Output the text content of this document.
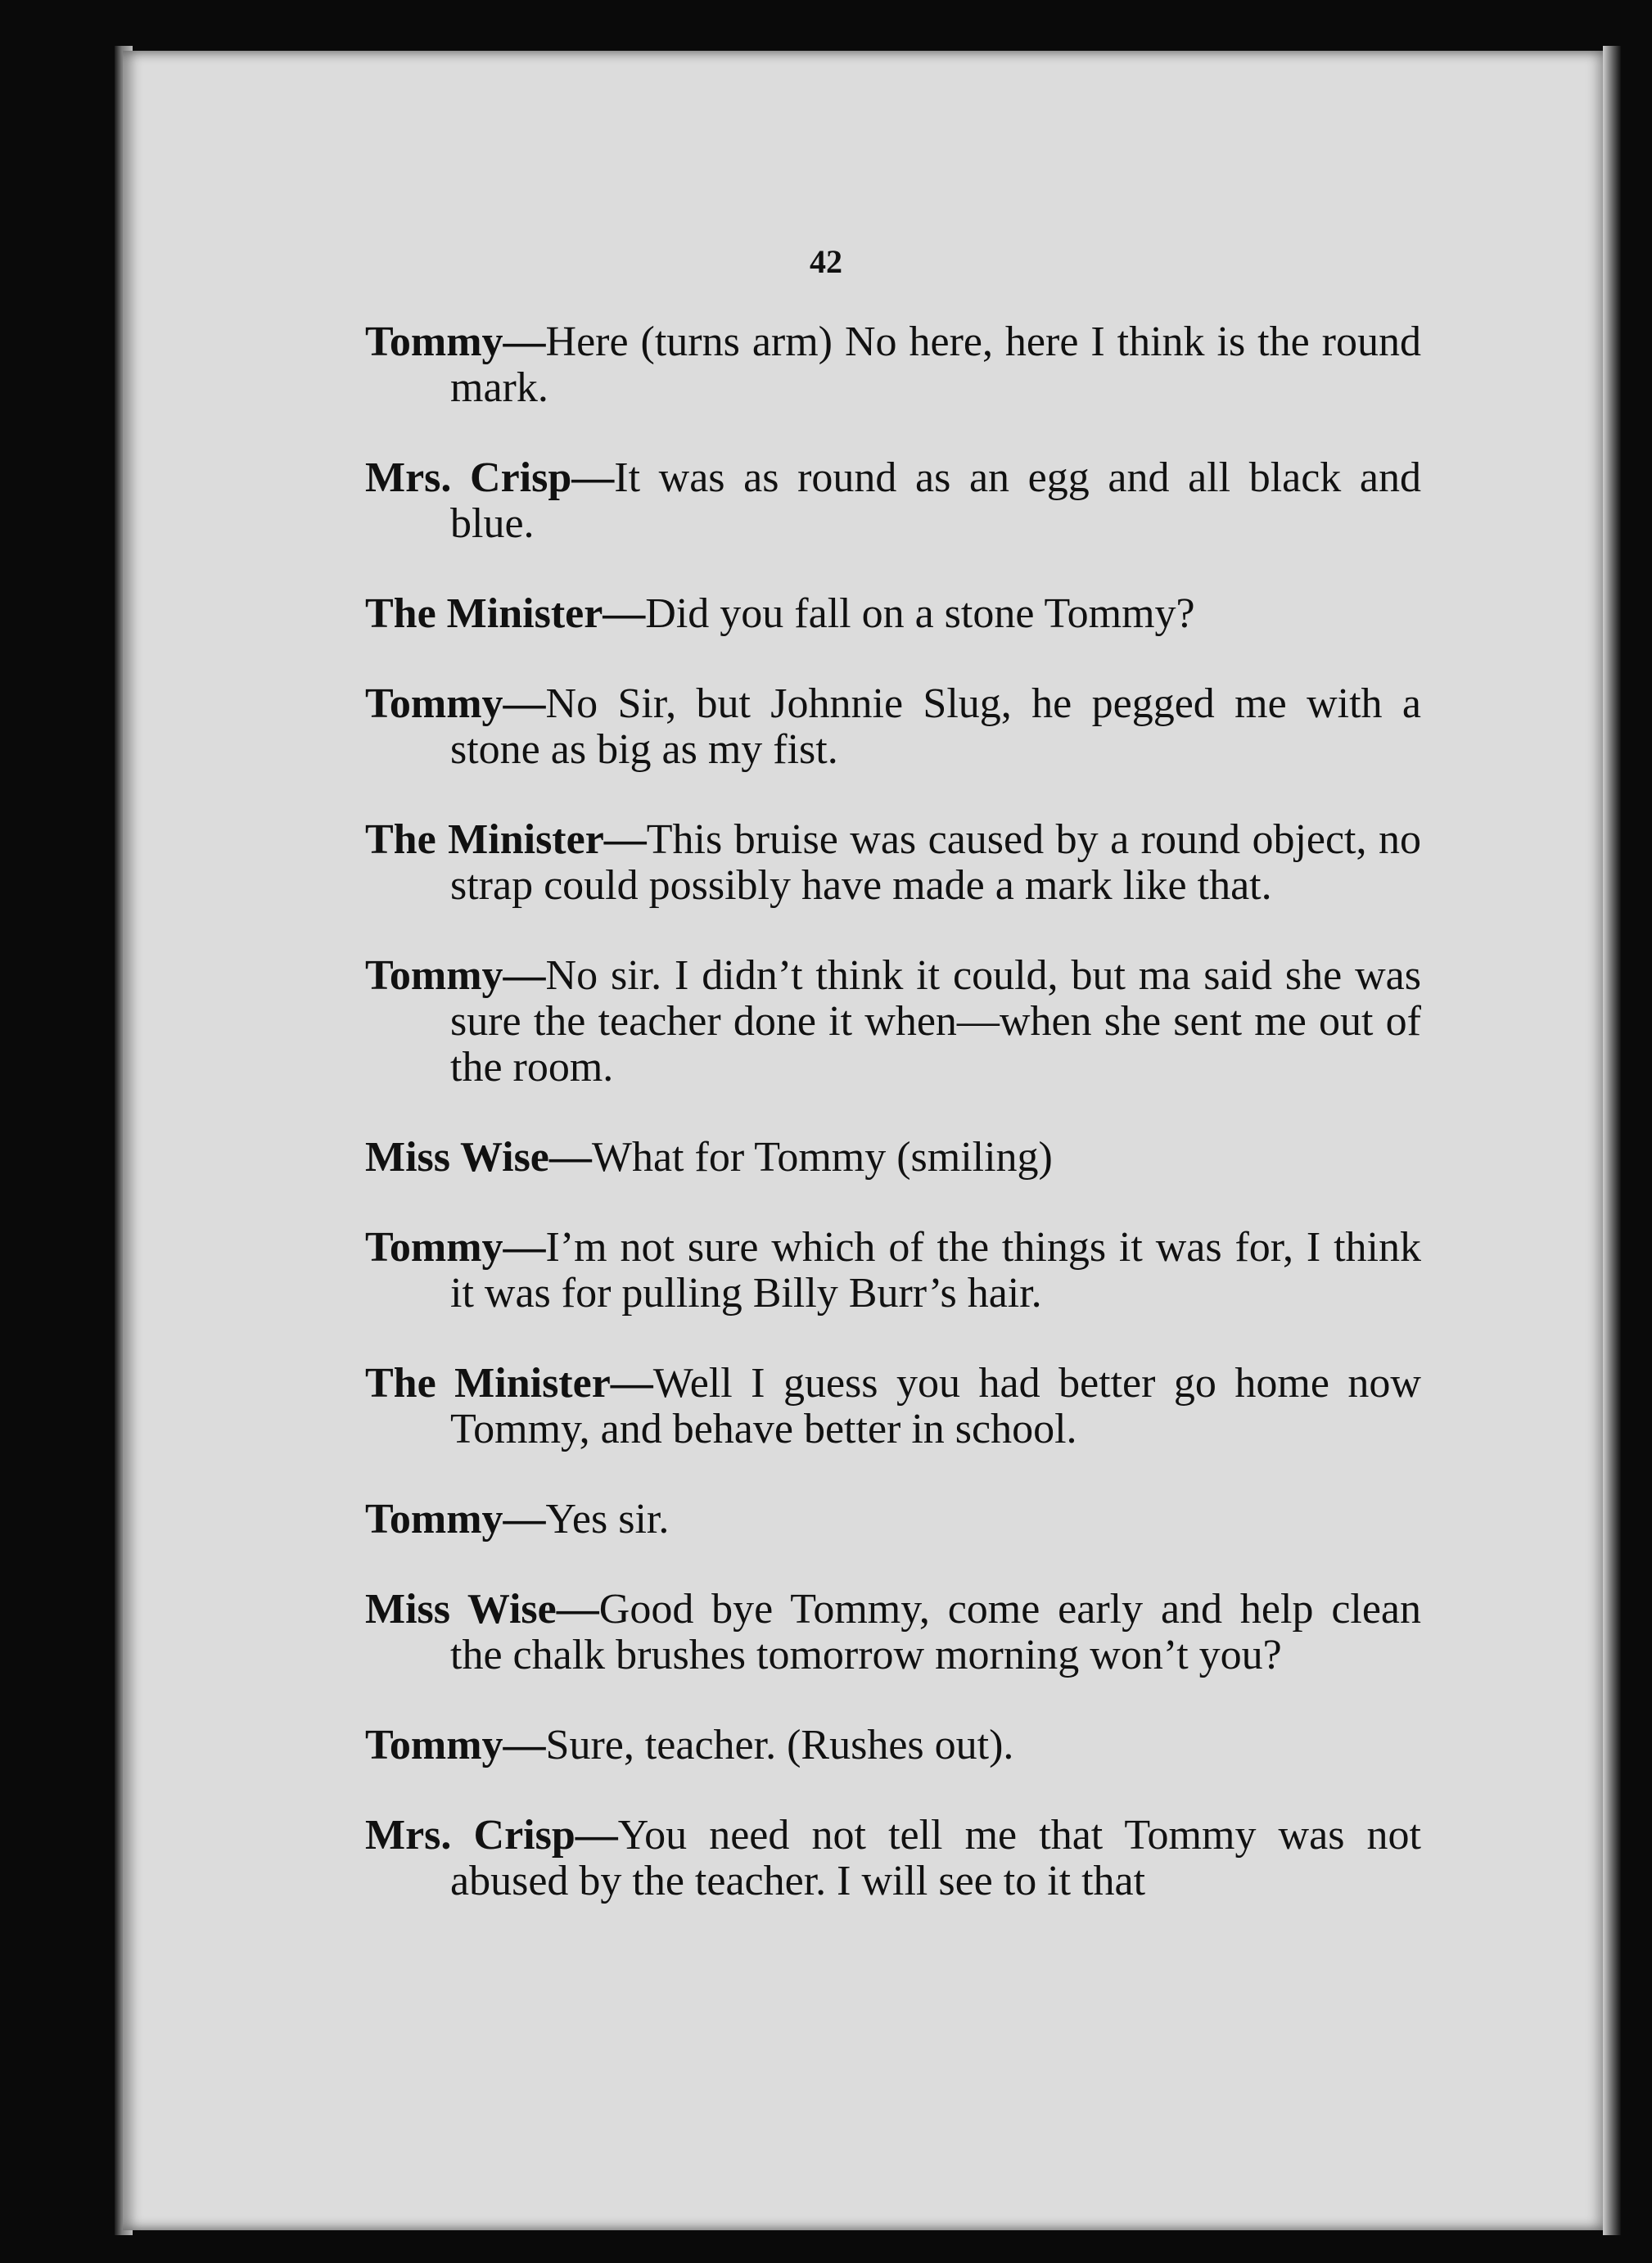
42

Tommy—Here (turns arm) No here, here I think is the round mark.

Mrs. Crisp—It was as round as an egg and all black and blue.

The Minister—Did you fall on a stone Tommy?

Tommy—No Sir, but Johnnie Slug, he pegged me with a stone as big as my fist.

The Minister—This bruise was caused by a round object, no strap could possibly have made a mark like that.

Tommy—No sir. I didn’t think it could, but ma said she was sure the teacher done it when—when she sent me out of the room.

Miss Wise—What for Tommy (smiling)

Tommy—I’m not sure which of the things it was for, I think it was for pulling Billy Burr’s hair.

The Minister—Well I guess you had better go home now Tommy, and behave better in school.

Tommy—Yes sir.

Miss Wise—Good bye Tommy, come early and help clean the chalk brushes tomorrow morning won’t you?

Tommy—Sure, teacher. (Rushes out).

Mrs. Crisp—You need not tell me that Tommy was not abused by the teacher. I will see to it that
